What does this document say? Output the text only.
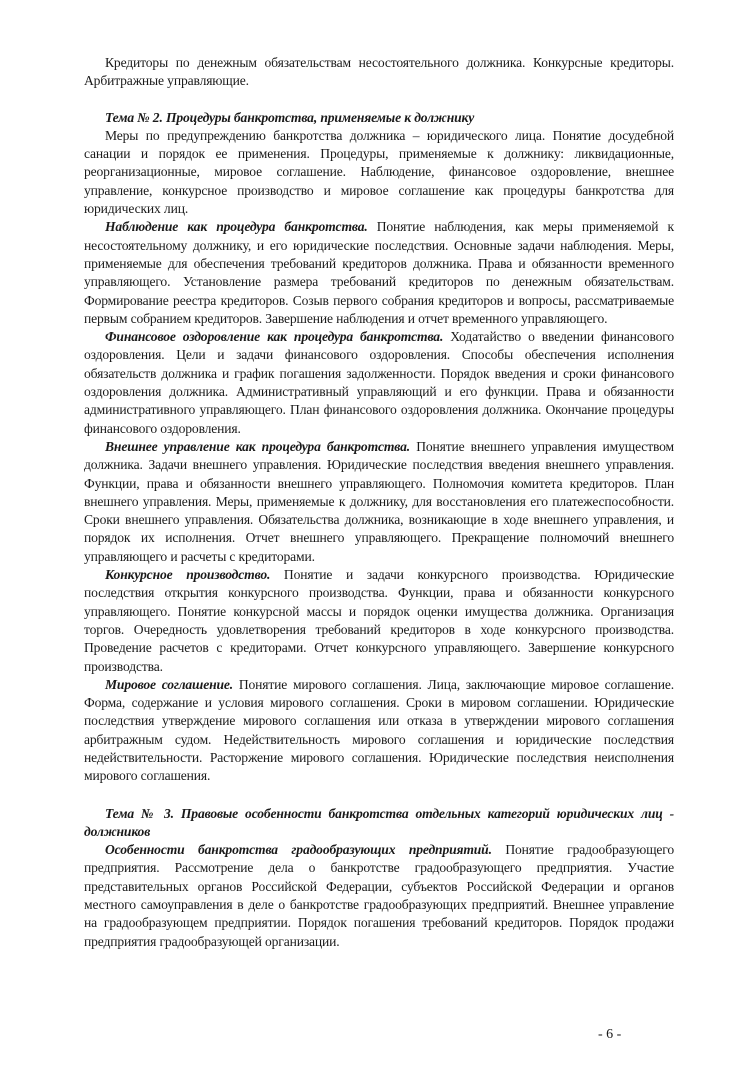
Кредиторы по денежным обязательствам несостоятельного должника. Конкурсные кредиторы. Арбитражные управляющие.

Тема № 2. Процедуры банкротства, применяемые к должнику

Меры по предупреждению банкротства должника – юридического лица. Понятие досудебной санации и порядок ее применения. Процедуры, применяемые к должнику: ликвидационные, реорганизационные, мировое соглашение. Наблюдение, финансовое оздоровление, внешнее управление, конкурсное производство и мировое соглашение как процедуры банкротства для юридических лиц.

Наблюдение как процедура банкротства. Понятие наблюдения, как меры применяемой к несостоятельному должнику, и его юридические последствия. Основные задачи наблюдения. Меры, применяемые для обеспечения требований кредиторов должника. Права и обязанности временного управляющего. Установление размера требований кредиторов по денежным обязательствам. Формирование реестра кредиторов. Созыв первого собрания кредиторов и вопросы, рассматриваемые первым собранием кредиторов. Завершение наблюдения и отчет временного управляющего.

Финансовое оздоровление как процедура банкротства. Ходатайство о введении финансового оздоровления. Цели и задачи финансового оздоровления. Способы обеспечения исполнения обязательств должника и график погашения задолженности. Порядок введения и сроки финансового оздоровления должника. Административный управляющий и его функции. Права и обязанности административного управляющего. План финансового оздоровления должника. Окончание процедуры финансового оздоровления.

Внешнее управление как процедура банкротства. Понятие внешнего управления имуществом должника. Задачи внешнего управления. Юридические последствия введения внешнего управления. Функции, права и обязанности внешнего управляющего. Полномочия комитета кредиторов. План внешнего управления. Меры, применяемые к должнику, для восстановления его платежеспособности. Сроки внешнего управления. Обязательства должника, возникающие в ходе внешнего управления, и порядок их исполнения. Отчет внешнего управляющего. Прекращение полномочий внешнего управляющего и расчеты с кредиторами.

Конкурсное производство. Понятие и задачи конкурсного производства. Юридические последствия открытия конкурсного производства. Функции, права и обязанности конкурсного управляющего. Понятие конкурсной массы и порядок оценки имущества должника. Организация торгов. Очередность удовлетворения требований кредиторов в ходе конкурсного производства. Проведение расчетов с кредиторами. Отчет конкурсного управляющего. Завершение конкурсного производства.

Мировое соглашение. Понятие мирового соглашения. Лица, заключающие мировое соглашение. Форма, содержание и условия мирового соглашения. Сроки в мировом соглашении. Юридические последствия утверждение мирового соглашения или отказа в утверждении мирового соглашения арбитражным судом. Недействительность мирового соглашения и юридические последствия недействительности. Расторжение мирового соглашения. Юридические последствия неисполнения мирового соглашения.

Тема № 3. Правовые особенности банкротства отдельных категорий юридических лиц - должников

Особенности банкротства градообразующих предприятий. Понятие градообразующего предприятия. Рассмотрение дела о банкротстве градообразующего предприятия. Участие представительных органов Российской Федерации, субъектов Российской Федерации и органов местного самоуправления в деле о банкротстве градообразующих предприятий. Внешнее управление на градообразующем предприятии. Порядок погашения требований кредиторов. Порядок продажи предприятия градообразующей организации.

- 6 -
